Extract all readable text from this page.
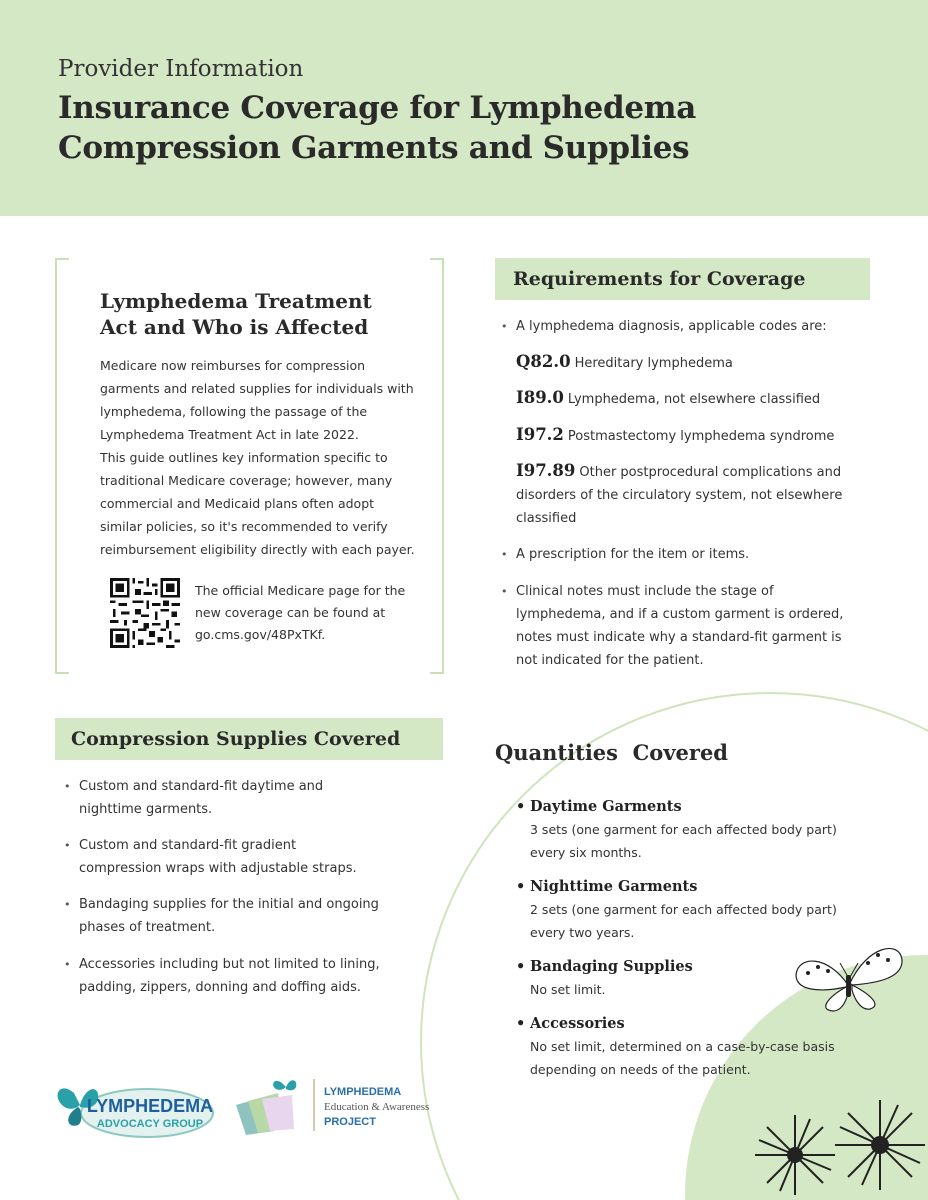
Provider Information
Insurance Coverage for Lymphedema
Compression Garments and Supplies
Lymphedema Treatment
Act and Who is Affected
Medicare now reimburses for compression
garments and related supplies for individuals with
lymphedema, following the passage of the
Lymphedema Treatment Act in late 2022.
This guide outlines key information specific to
traditional Medicare coverage; however, many
commercial and Medicaid plans often adopt
similar policies, so it's recommended to verify
reimbursement eligibility directly with each payer.
The official Medicare page for the
new coverage can be found at
go.cms.gov/48PxTKf.
Requirements for Coverage
• A lymphedema diagnosis, applicable codes are:
Q82.0 Hereditary lymphedema
I89.0 Lymphedema, not elsewhere classified
I97.2 Postmastectomy lymphedema syndrome
I97.89 Other postprocedural complications and
disorders of the circulatory system, not elsewhere
classified
• A prescription for the item or items.
• Clinical notes must include the stage of
lymphedema, and if a custom garment is ordered,
notes must indicate why a standard-fit garment is
not indicated for the patient.
Compression Supplies Covered
• Custom and standard-fit daytime and
nighttime garments.
• Custom and standard-fit gradient
compression wraps with adjustable straps.
• Bandaging supplies for the initial and ongoing
phases of treatment.
• Accessories including but not limited to lining,
padding, zippers, donning and doffing aids.
Quantities  Covered
• Daytime Garments
3 sets (one garment for each affected body part)
every six months.
• Nighttime Garments
2 sets (one garment for each affected body part)
every two years.
• Bandaging Supplies
No set limit.
• Accessories
No set limit, determined on a case-by-case basis
depending on needs of the patient.
LYMPHEDEMA
ADVOCACY GROUP
LYMPHEDEMA
Education & Awareness
PROJECT
